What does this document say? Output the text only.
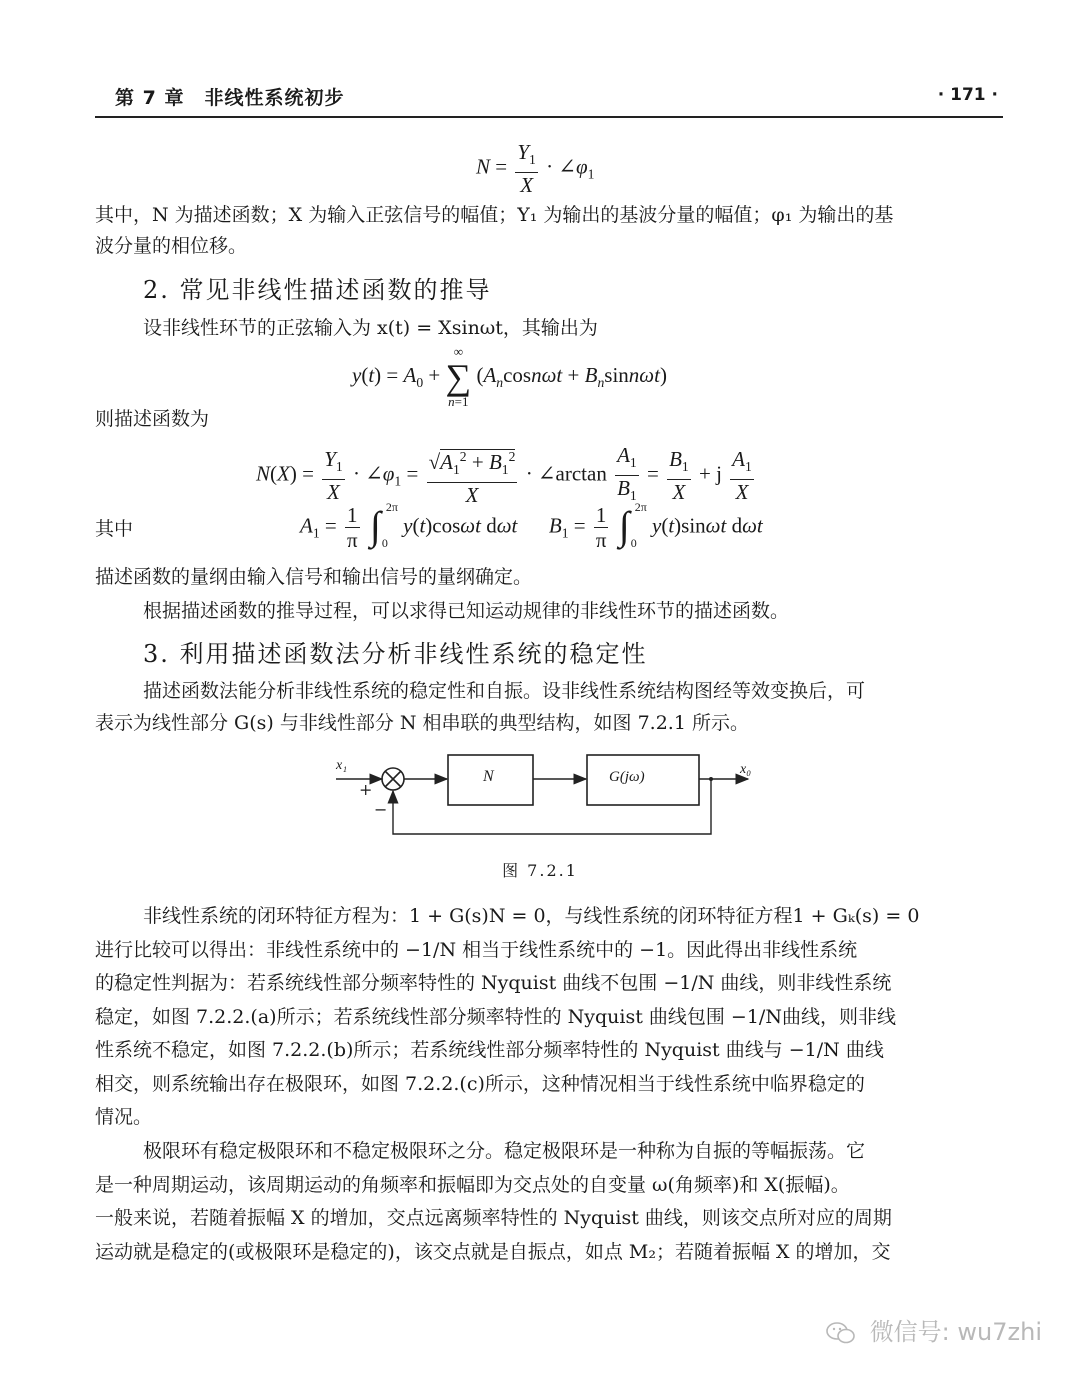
第 7 章　非线性系统初步	· 171 ·
$N = \frac{Y_1}{X}$ · $\angle\varphi_1$
其中，N 为描述函数；X 为输入正弦信号的幅值；Y₁ 为输出的基波分量的幅值；φ₁ 为输出的基
波分量的相位移。
2. 常见非线性描述函数的推导
设非线性环节的正弦输入为 x(t) = Xsinωt，其输出为
$y(t) = A_0$ + ∞
∑
n=1 $(A_n\cos n\omega t + B_n\sin n\omega t)$
则描述函数为
$N(X) = \frac{Y_1}{X}$ · $\angle\varphi_1 = \frac{√A_1^2 + B_1^2}{X}$ · ∠arctan $\frac{A_1}{B_1} = \frac{B_1}{X} + j \frac{A_1}{X}$
其中	$A_1 = \frac{1}{\pi}$
∫ 2π
0
y(t)cosωt dωt $B_1 = \frac{1}{\pi}$
∫ 2π
0
y(t)sinωt dωt
描述函数的量纲由输入信号和输出信号的量纲确定。
根据描述函数的推导过程，可以求得已知运动规律的非线性环节的描述函数。
3. 利用描述函数法分析非线性系统的稳定性
描述函数法能分析非线性系统的稳定性和自振。设非线性系统结构图经等效变换后，可
表示为线性部分 G(s) 与非线性部分 N 相串联的典型结构，如图 7.2.1 所示。
x₁
+
−
N	G(jω)	x₀
图 7.2.1
非线性系统的闭环特征方程为：1 + G(s)N = 0，与线性系统的闭环特征方程1 + Gₖ(s) = 0
进行比较可以得出：非线性系统中的 −1/N 相当于线性系统中的 −1。因此得出非线性系统
的稳定性判据为：若系统线性部分频率特性的 Nyquist 曲线不包围 −1/N 曲线，则非线性系统
稳定，如图 7.2.2.(a)所示；若系统线性部分频率特性的 Nyquist 曲线包围 −1/N曲线，则非线
性系统不稳定，如图 7.2.2.(b)所示；若系统线性部分频率特性的 Nyquist 曲线与 −1/N 曲线
相交，则系统输出存在极限环，如图 7.2.2.(c)所示，这种情况相当于线性系统中临界稳定的
情况。
极限环有稳定极限环和不稳定极限环之分。稳定极限环是一种称为自振的等幅振荡。它
是一种周期运动，该周期运动的角频率和振幅即为交点处的自变量 ω(角频率)和 X(振幅)。
一般来说，若随着振幅 X 的增加，交点远离频率特性的 Nyquist 曲线，则该交点所对应的周期
运动就是稳定的(或极限环是稳定的)，该交点就是自振点，如点 M₂；若随着振幅 X 的增加，交
微信号: wu7zhi
